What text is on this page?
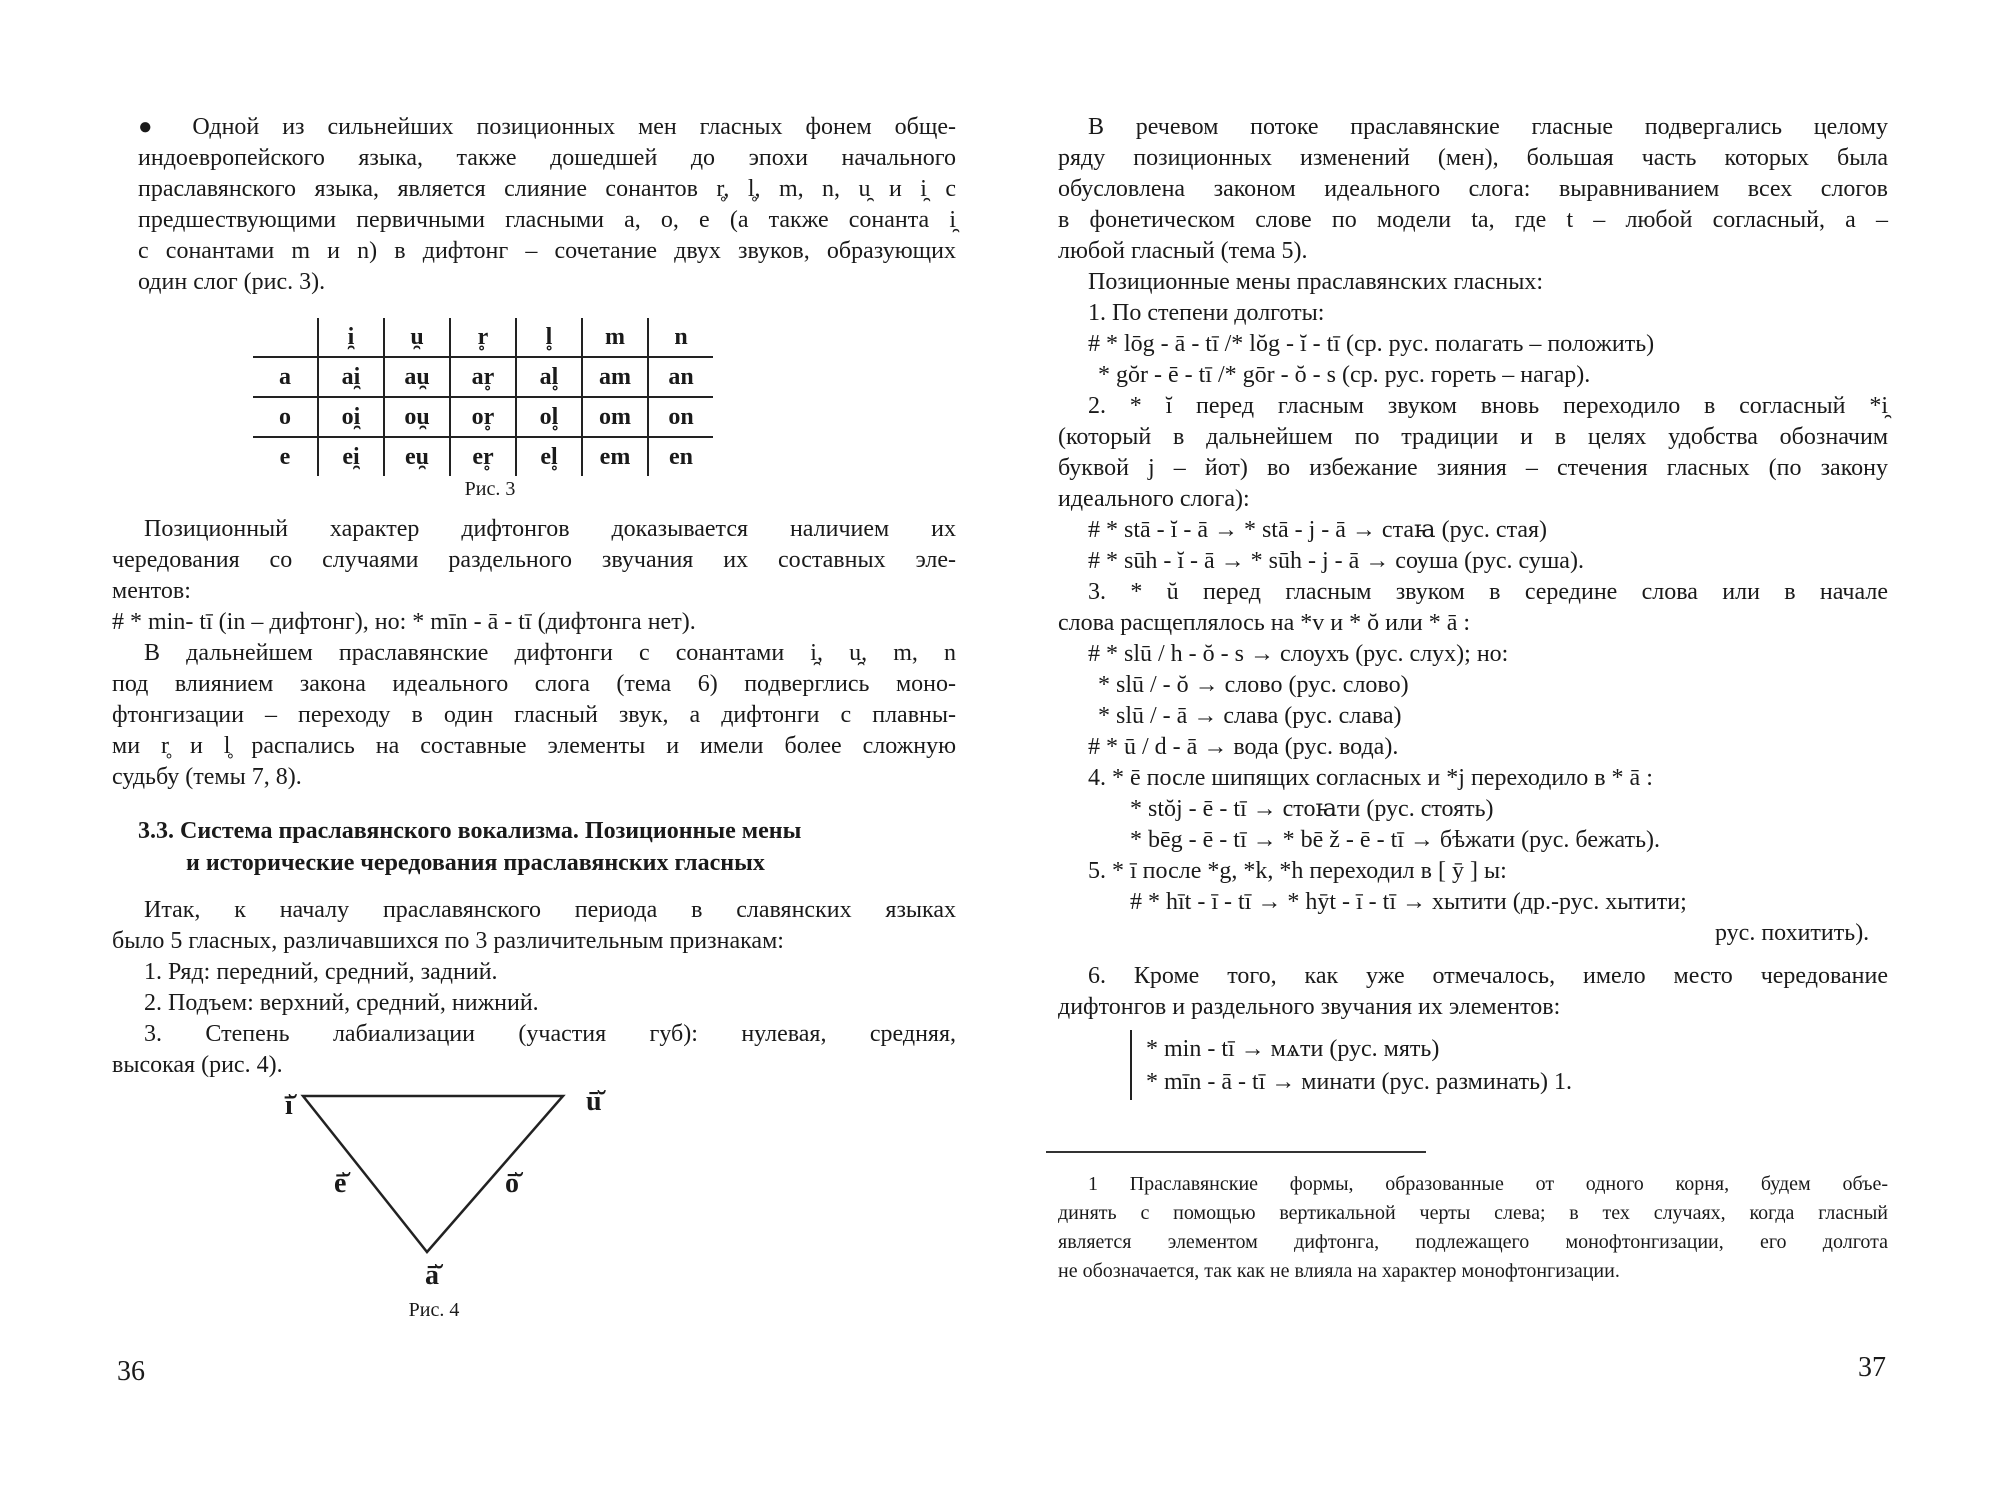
● Одной из сильнейших позиционных мен гласных фонем обще-
индоевропейского языка, также дошедшей до эпохи начального
праславянского языка, является слияние сонантов r̥, l̥, m, n, u̯ и i̯ с
предшествующими первичными гласными a, o, e (а также сонанта i̯
с сонантами m и n) в дифтонг – сочетание двух звуков, образующих
один слог (рис. 3).
	i̯	u̯	r̥	l̥	m	n
a	ai̯	au̯	ar̥	al̥	am	an
o	oi̯	ou̯	or̥	ol̥	om	on
e	ei̯	eu̯	er̥	el̥	em	en
Рис. 3
Позиционный характер дифтонгов доказывается наличием их
чередования со случаями раздельного звучания их составных эле-
ментов:
# * min- tī (in – дифтонг), но: * mīn - ā - tī (дифтонга нет).
В дальнейшем праславянские дифтонги с сонантами i̯, u̯, m, n
под влиянием закона идеального слога (тема 6) подверглись моно-
фтонгизации – переходу в один гласный звук, а дифтонги с плавны-
ми r̥ и l̥ распались на составные элементы и имели более сложную
судьбу (темы 7, 8).
3.3. Система праславянского вокализма. Позиционные мены
и исторические чередования праславянских гласных
Итак, к началу праславянского периода в славянских языках
было 5 гласных, различавшихся по 3 различительным признакам:
1. Ряд: передний, средний, задний.
2. Подъем: верхний, средний, нижний.
3. Степень лабиализации (участия губ): нулевая, средняя,
высокая (рис. 4).
ī̆	ū̆
ē̆	ō̆
ā̆
Рис. 4
36
В речевом потоке праславянские гласные подвергались целому
ряду позиционных изменений (мен), большая часть которых была
обусловлена законом идеального слога: выравниванием всех слогов
в фонетическом слове по модели ta, где t – любой согласный, a –
любой гласный (тема 5).
Позиционные мены праславянских гласных:
1. По степени долготы:
# * lōg - ā - tī /* lŏg - ĭ - tī (ср. рус. полагать – положить)
* gŏr - ē - tī /* gōr - ŏ - s (ср. рус. гореть – нагар).
2. * ĭ перед гласным звуком вновь переходило в согласный *i̯
(который в дальнейшем по традиции и в целях удобства обозначим
буквой j – йот) во избежание зияния – стечения гласных (по закону
идеального слога):
# * stā - ĭ - ā → * stā - j - ā → стаꙗ (рус. стая)
# * sūh - ĭ - ā → * sūh - j - ā → соуша (рус. суша).
3. * ŭ перед гласным звуком в середине слова или в начале
слова расщеплялось на *v и * ŏ или * ā :
# * slū / h - ŏ - s → слоухъ (рус. слух); но:
* slū / - ŏ → слово (рус. слово)
* slū / - ā → слава (рус. слава)
# * ū / d - ā → вода (рус. вода).
4. * ē после шипящих согласных и *j переходило в * ā :
* stŏj - ē - tī → стоꙗти (рус. стоять)
* bēg - ē - tī → * bē ž - ē - tī → бѣжати (рус. бежать).
5. * ī после *g, *k, *h переходил в [ ȳ ] ы:
# * hīt - ī - tī → * hȳt - ī - tī → хытити (др.-рус. хытити;
рус. похитить).
6. Кроме того, как уже отмечалось, имело место чередование
дифтонгов и раздельного звучания их элементов:
* min - tī → мѧти (рус. мять)
* mīn - ā - tī → минати (рус. разминать) 1.
1 Праславянские формы, образованные от одного корня, будем объе-
динять с помощью вертикальной черты слева; в тех случаях, когда гласный
является элементом дифтонга, подлежащего монофтонгизации, его долгота
не обозначается, так как не влияла на характер монофтонгизации.
37
